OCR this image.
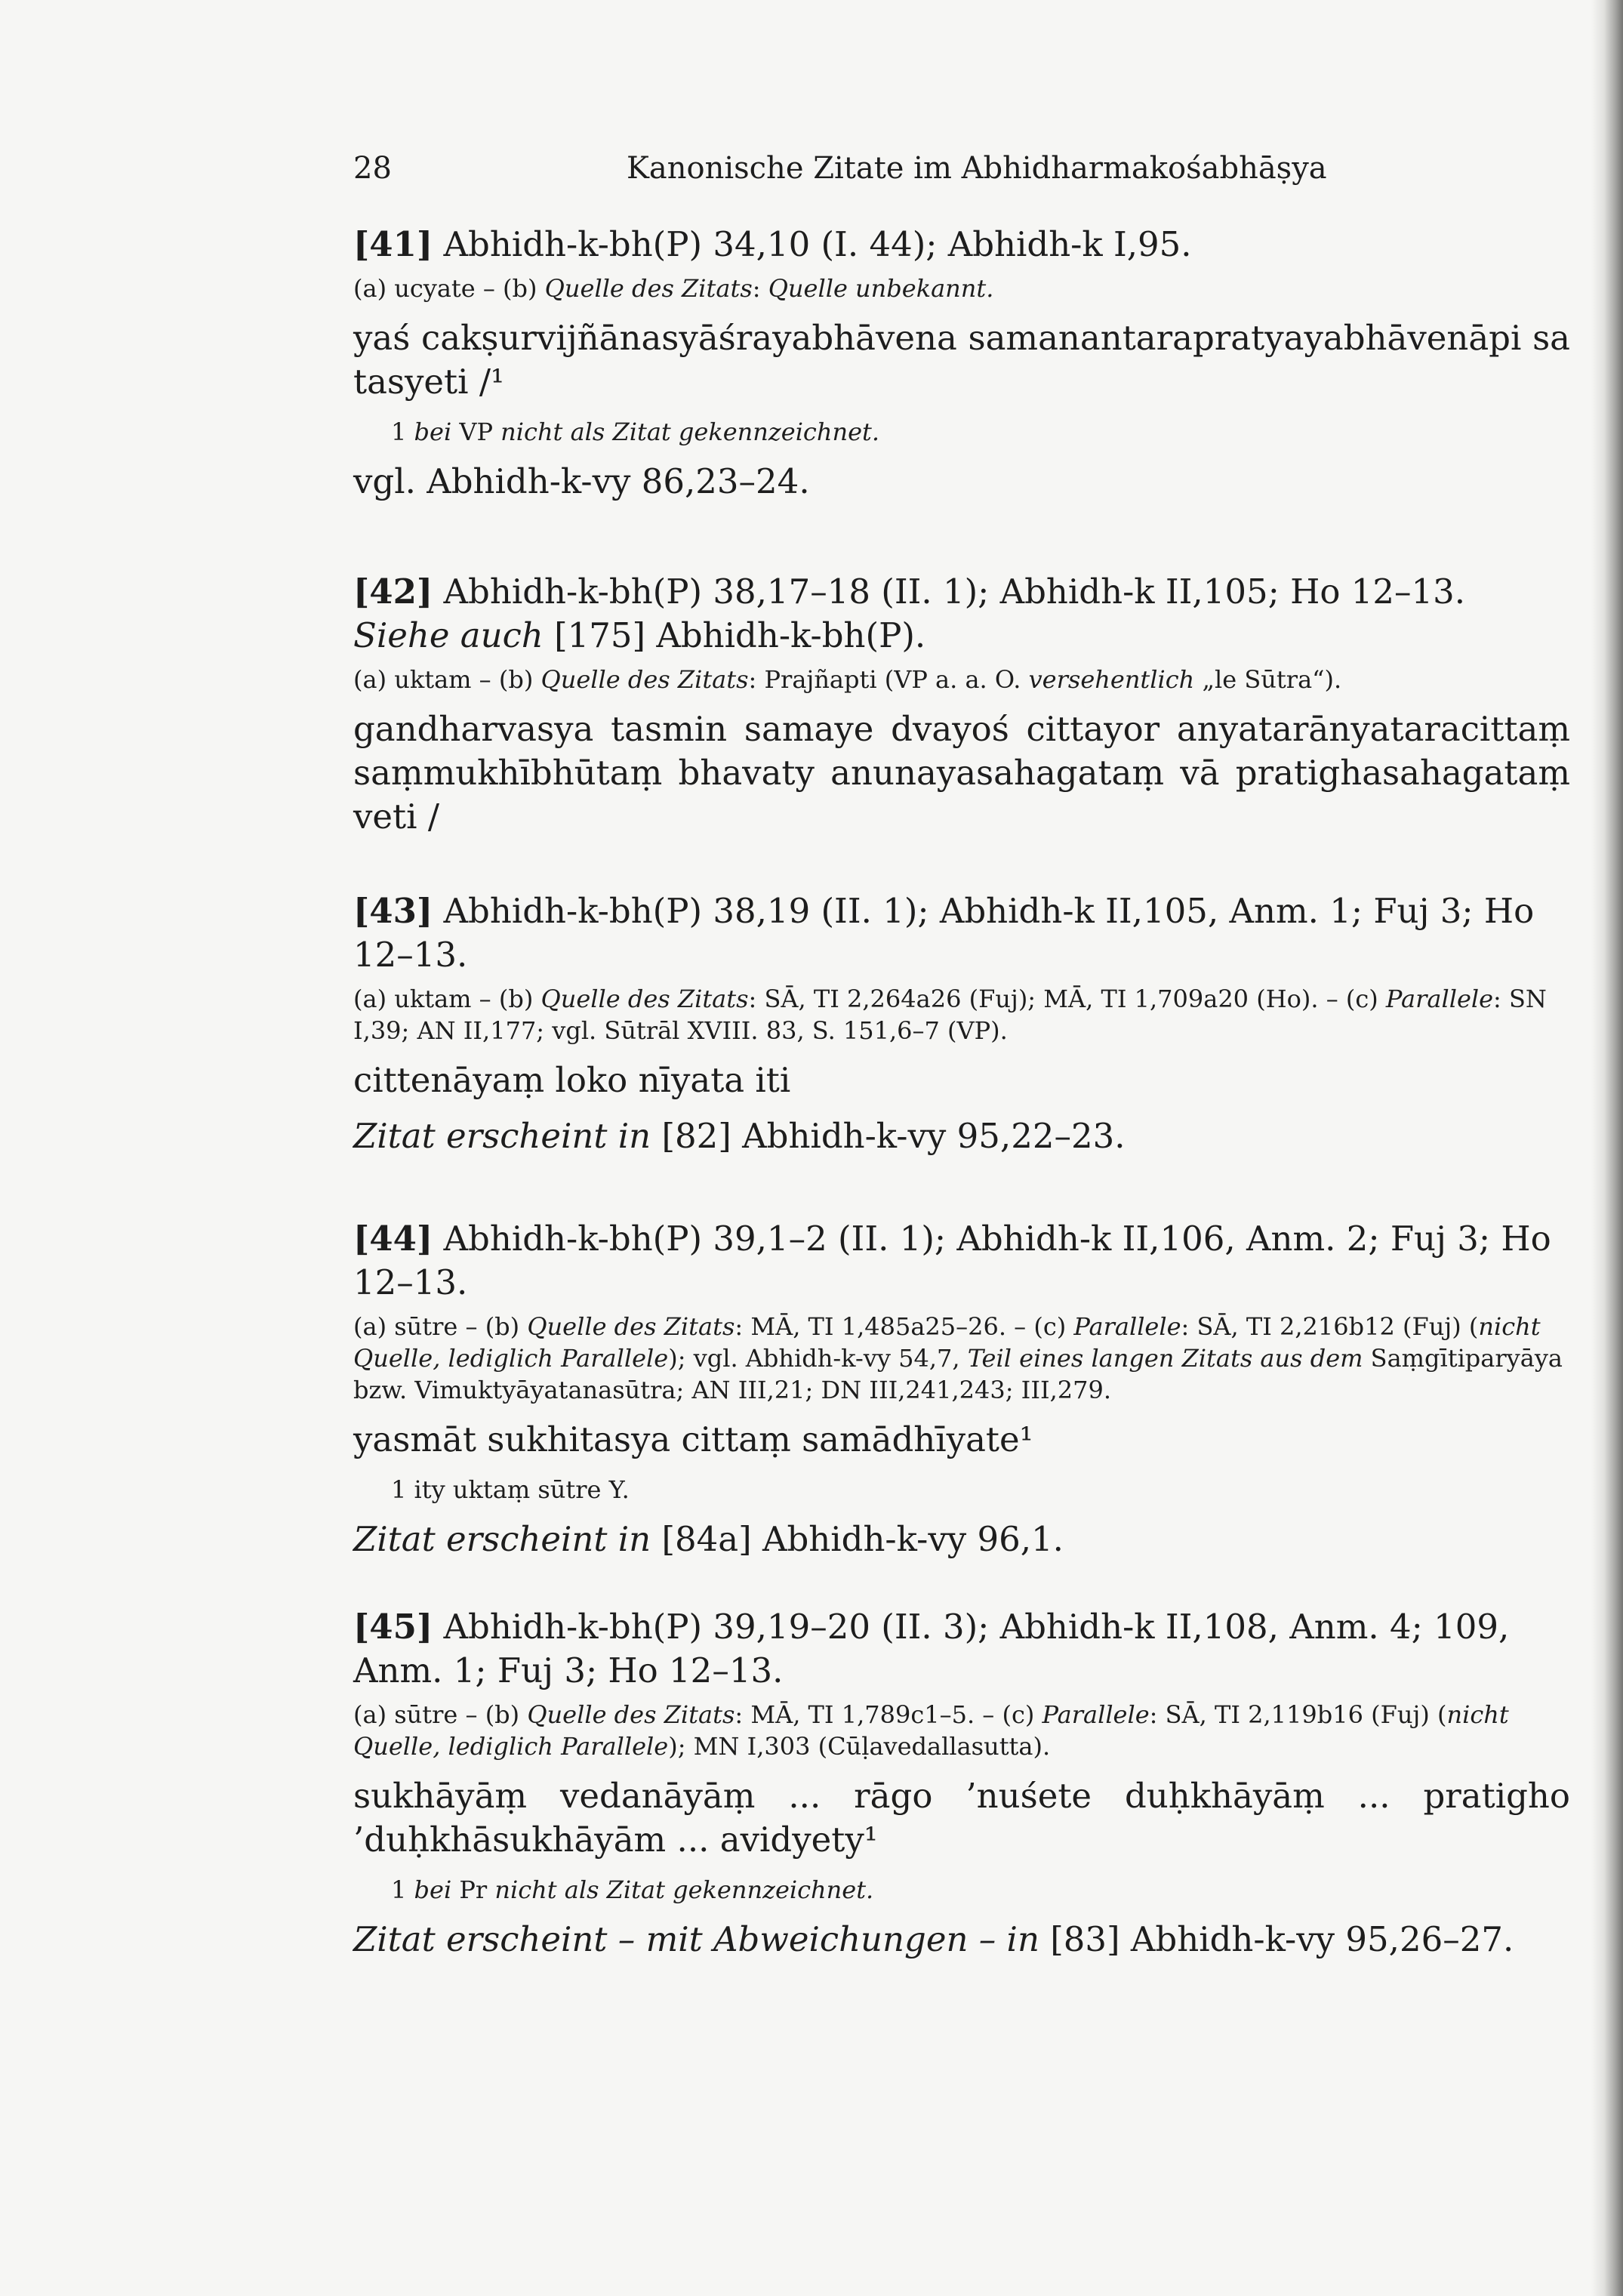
28	Kanonische Zitate im Abhidharmakośabhāṣya
[41] Abhidh-k-bh(P) 34,10 (I. 44); Abhidh-k I,95.
(a) ucyate – (b) Quelle des Zitats: Quelle unbekannt.
yaś cakṣurvijñānasyāśrayabhāvena samanantarapratyayabhāvenāpi sa tasyeti /¹
1 bei VP nicht als Zitat gekennzeichnet.
vgl. Abhidh-k-vy 86,23–24.
[42] Abhidh-k-bh(P) 38,17–18 (II. 1); Abhidh-k II,105; Ho 12–13. Siehe auch [175] Abhidh-k-bh(P).
(a) uktam – (b) Quelle des Zitats: Prajñapti (VP a. a. O. versehentlich „le Sūtra“).
gandharvasya tasmin samaye dvayoś cittayor anyatarānyataracittaṃ saṃmukhībhūtaṃ bhavaty anunayasahagataṃ vā pratighasahagataṃ veti /
[43] Abhidh-k-bh(P) 38,19 (II. 1); Abhidh-k II,105, Anm. 1; Fuj 3; Ho 12–13.
(a) uktam – (b) Quelle des Zitats: SĀ, TI 2,264a26 (Fuj); MĀ, TI 1,709a20 (Ho). – (c) Parallele: SN I,39; AN II,177; vgl. Sūtrāl XVIII. 83, S. 151,6–7 (VP).
cittenāyaṃ loko nīyata iti
Zitat erscheint in [82] Abhidh-k-vy 95,22–23.
[44] Abhidh-k-bh(P) 39,1–2 (II. 1); Abhidh-k II,106, Anm. 2; Fuj 3; Ho 12–13.
(a) sūtre – (b) Quelle des Zitats: MĀ, TI 1,485a25–26. – (c) Parallele: SĀ, TI 2,216b12 (Fuj) (nicht Quelle, lediglich Parallele); vgl. Abhidh-k-vy 54,7, Teil eines langen Zitats aus dem Saṃgītiparyāya bzw. Vimuktyāyatanasūtra; AN III,21; DN III,241,243; III,279.
yasmāt sukhitasya cittaṃ samādhīyate¹
1 ity uktaṃ sūtre Y.
Zitat erscheint in [84a] Abhidh-k-vy 96,1.
[45] Abhidh-k-bh(P) 39,19–20 (II. 3); Abhidh-k II,108, Anm. 4; 109, Anm. 1; Fuj 3; Ho 12–13.
(a) sūtre – (b) Quelle des Zitats: MĀ, TI 1,789c1–5. – (c) Parallele: SĀ, TI 2,119b16 (Fuj) (nicht Quelle, lediglich Parallele); MN I,303 (Cūḷavedallasutta).
sukhāyāṃ vedanāyāṃ ... rāgo ’nuśete duḥkhāyāṃ ... pratigho ’duḥkhāsukhāyām ... avidyety¹
1 bei Pr nicht als Zitat gekennzeichnet.
Zitat erscheint – mit Abweichungen – in [83] Abhidh-k-vy 95,26–27.
